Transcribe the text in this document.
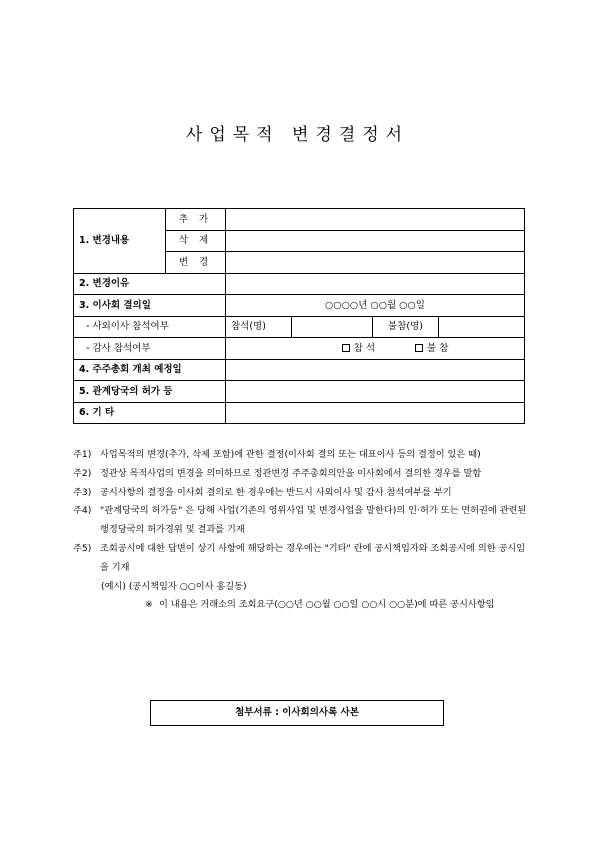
사업목적 변경결정서
1. 변경내용	추 가				
	삭 제				
	변 경				
2. 변경이유					
3. 이사회 결의일		○○○○년 ○○월 ○○일			
- 사외이사 참석여부		참석(명)		불참(명)	
- 감사 참석여부		참 석 불 참			

4. 주주총회 개최 예정일					
5. 관계당국의 허가 등					
6. 기 타					
주1) 사업목적의 변경(추가, 삭제 포함)에 관한 결정(이사회 결의 또는 대표이사 등의 결정이 있은 때)
주2) 정관상 목적사업의 변경을 의미하므로 정관변경 주주총회의안을 이사회에서 결의한 경우를 말함
주3) 공시사항의 결정을 이사회 결의로 한 경우에는 반드시 사외이사 및 감사 참석여부를 부기
주4) "관계당국의 허가등" 은 당해 사업(기존의 영위사업 및 변경사업을 말한다)의 인·허가 또는 면허권에 관련된 행정당국의 허가경위 및 결과를 기재
주5) 조회공시에 대한 답변이 상기 사항에 해당하는 경우에는 "기타" 란에 공시책임자와 조회공시에 의한 공시임을 기재
(예시) (공시책임자 ○○이사 홍길동)
※ 이 내용은 거래소의 조회요구(○○년 ○○월 ○○일 ○○시 ○○분)에 따른 공시사항임
첨부서류 : 이사회의사록 사본
